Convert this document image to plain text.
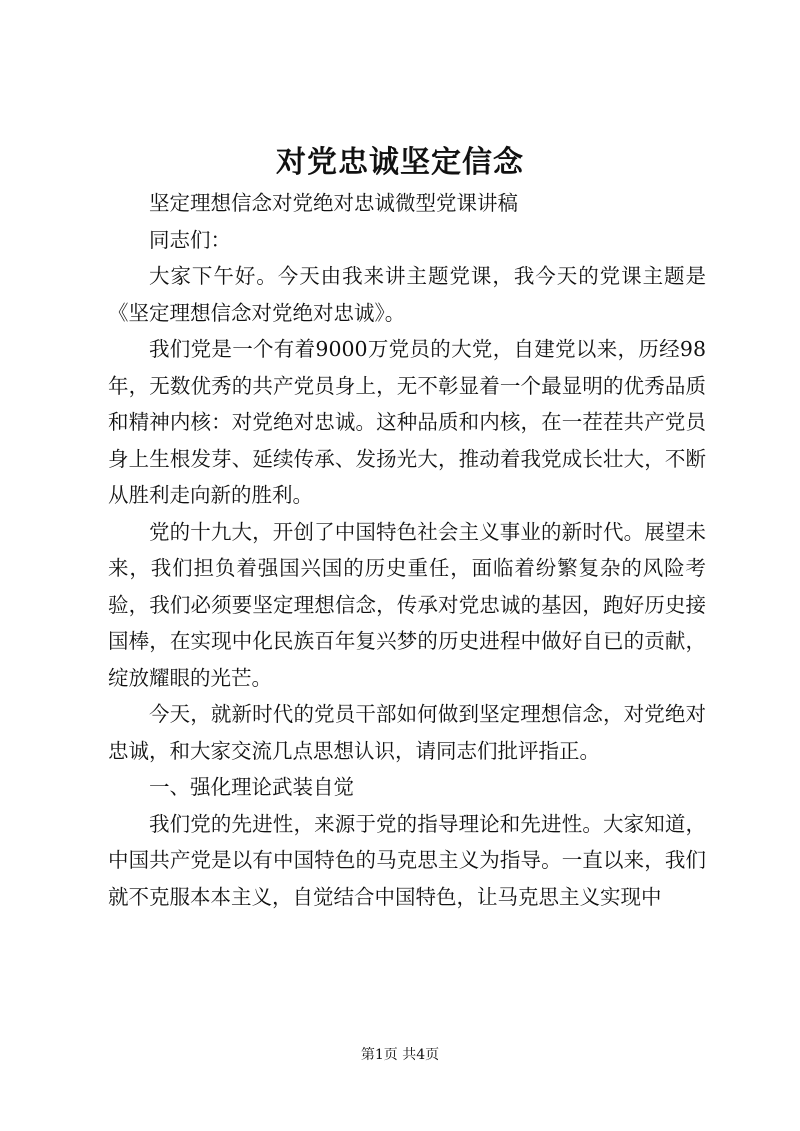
对党忠诚坚定信念

坚定理想信念对党绝对忠诚微型党课讲稿

同志们：

大家下午好。今天由我来讲主题党课，我今天的党课主题是《坚定理想信念对党绝对忠诚》。

我们党是一个有着9000万党员的大党，自建党以来，历经98年，无数优秀的共产党员身上，无不彰显着一个最显明的优秀品质和精神内核：对党绝对忠诚。这种品质和内核，在一茬茬共产党员身上生根发芽、延续传承、发扬光大，推动着我党成长壮大，不断从胜利走向新的胜利。

党的十九大，开创了中国特色社会主义事业的新时代。展望未来，我们担负着强国兴国的历史重任，面临着纷繁复杂的风险考验，我们必须要坚定理想信念，传承对党忠诚的基因，跑好历史接国棒，在实现中化民族百年复兴梦的历史进程中做好自已的贡献，绽放耀眼的光芒。

今天，就新时代的党员干部如何做到坚定理想信念，对党绝对忠诚，和大家交流几点思想认识，请同志们批评指正。

一、强化理论武装自觉

我们党的先进性，来源于党的指导理论和先进性。大家知道，中国共产党是以有中国特色的马克思主义为指导。一直以来，我们就不克服本本主义，自觉结合中国特色，让马克思主义实现中

第1页 共4页
